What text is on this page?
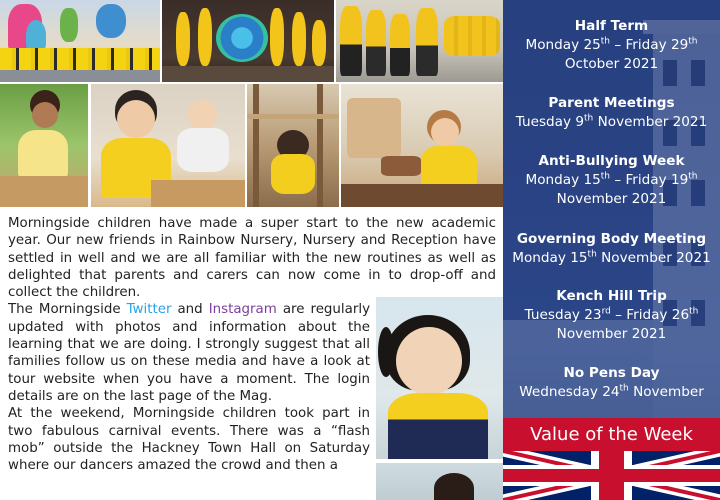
Morningside children have made a super start to the new academic year. Our new friends in Rainbow Nursery, Nursery and Reception have settled in well and we are all familiar with the new routines as well as delighted that parents and carers can now come in to drop-off and collect the children.

The Morningside Twitter and Instagram are regularly updated with photos and information about the learning that we are doing. I strongly suggest that all families follow us on these media and have a look at tour website when you have a moment. The login details are on the last page of the Mag.

At the weekend, Morningside children took part in two fabulous carnival events. There was a “flash mob” outside the Hackney Town Hall on Saturday where our dancers amazed the crowd and then a

Half Term
Monday 25th – Friday 29th
October 2021
Parent Meetings
Tuesday 9th November 2021
Anti-Bullying Week
Monday 15th – Friday 19th
November 2021
Governing Body Meeting
Monday 15th November 2021
Kench Hill Trip
Tuesday 23rd – Friday 26th
November 2021
No Pens Day
Wednesday 24th November
Value of the Week
